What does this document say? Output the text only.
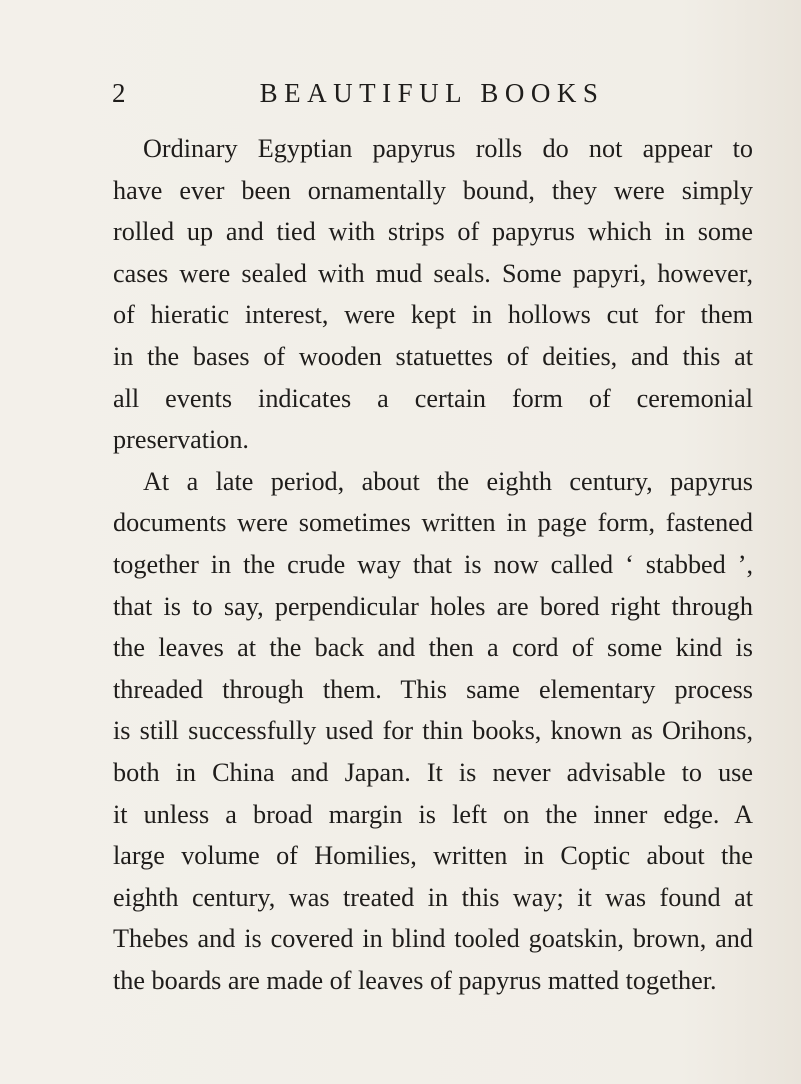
2	BEAUTIFUL BOOKS
Ordinary Egyptian papyrus rolls do not appear to
have ever been ornamentally bound, they were simply
rolled up and tied with strips of papyrus which in some
cases were sealed with mud seals. Some papyri, however,
of hieratic interest, were kept in hollows cut for them
in the bases of wooden statuettes of deities, and this at
all events indicates a certain form of ceremonial
preservation.
At a late period, about the eighth century, papyrus
documents were sometimes written in page form, fastened
together in the crude way that is now called ‘ stabbed ’,
that is to say, perpendicular holes are bored right through
the leaves at the back and then a cord of some kind is
threaded through them. This same elementary process
is still successfully used for thin books, known as Orihons,
both in China and Japan. It is never advisable to use
it unless a broad margin is left on the inner edge. A
large volume of Homilies, written in Coptic about the
eighth century, was treated in this way; it was found at
Thebes and is covered in blind tooled goatskin, brown, and
the boards are made of leaves of papyrus matted together.
